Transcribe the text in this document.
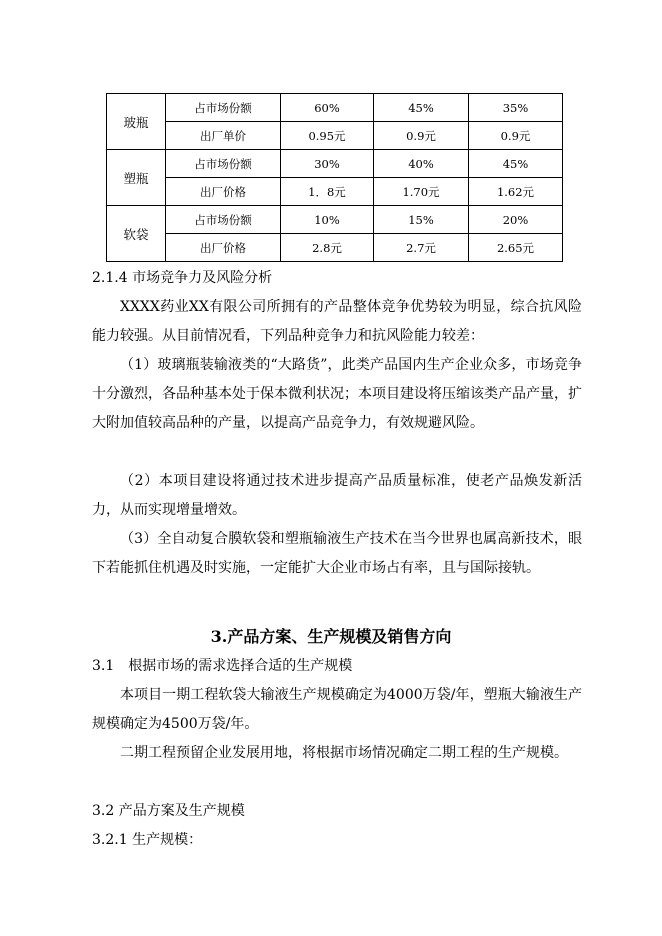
玻瓶	占市场份额	60%	45%	35%
	出厂单价	0.95元	0.9元	0.9元
塑瓶	占市场份额	30%	40%	45%
	出厂价格	1．8元	1.70元	1.62元
软袋	占市场份额	10%	15%	20%
	出厂价格	2.8元	2.7元	2.65元
2.1.4 市场竞争力及风险分析

XXXX药业XX有限公司所拥有的产品整体竞争优势较为明显，综合抗风险能力较强。从目前情况看，下列品种竞争力和抗风险能力较差：

（1）玻璃瓶装输液类的“大路货”，此类产品国内生产企业众多，市场竞争十分激烈，各品种基本处于保本微利状况；本项目建设将压缩该类产品产量，扩大附加值较高品种的产量，以提高产品竞争力，有效规避风险。

（2）本项目建设将通过技术进步提高产品质量标准，使老产品焕发新活力，从而实现增量增效。

（3）全自动复合膜软袋和塑瓶输液生产技术在当今世界也属高新技术，眼下若能抓住机遇及时实施，一定能扩大企业市场占有率，且与国际接轨。

3.产品方案、生产规模及销售方向
3.1　根据市场的需求选择合适的生产规模

本项目一期工程软袋大输液生产规模确定为4000万袋/年，塑瓶大输液生产规模确定为4500万袋/年。

二期工程预留企业发展用地，将根据市场情况确定二期工程的生产规模。

3.2 产品方案及生产规模
3.2.1 生产规模：
